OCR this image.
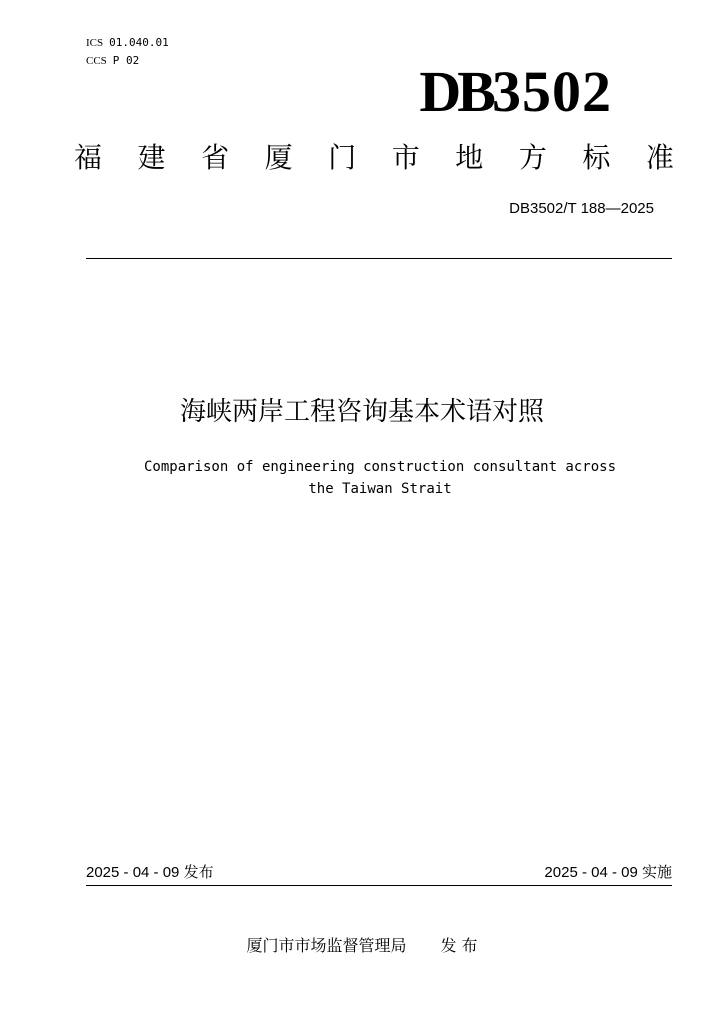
ICS 01.040.01
CCS P 02	DB3502
福 建 省 厦 门 市 地 方 标 准
DB3502/T 188—2025
海峡两岸工程咨询基本术语对照
Comparison of engineering construction consultant across
the Taiwan Strait
2025 - 04 - 09 发布	2025 - 04 - 09 实施
厦门市市场监督管理局 发 布
